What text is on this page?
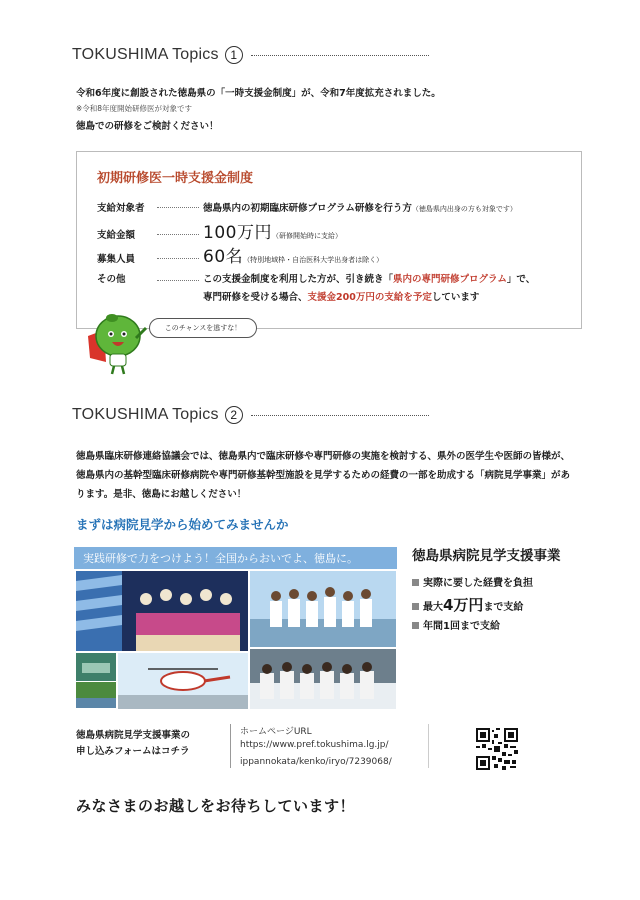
TOKUSHIMA Topics 1
令和6年度に創設された徳島県の「一時支援金制度」が、令和7年度拡充されました。
※令和8年度開始研修医が対象です
徳島での研修をご検討ください！
初期研修医一時支援金制度
支給対象者	徳島県内の初期臨床研修プログラム研修を行う方（徳島県内出身の方も対象です）
支給金額	100万円（研修開始時に支給）
募集人員	60名（特別地域枠・自治医科大学出身者は除く）
その他	この支援金制度を利用した方が、引き続き「県内の専門研修プログラム」で、
専門研修を受ける場合、支援金200万円の支給を予定しています
このチャンスを逃すな！
TOKUSHIMA Topics 2
徳島県臨床研修連絡協議会では、徳島県内で臨床研修や専門研修の実施を検討する、県外の医学生や医師の皆様が、徳島県内の基幹型臨床研修病院や専門研修基幹型施設を見学するための経費の一部を助成する「病院見学事業」があります。是非、徳島にお越しください！
まずは病院見学から始めてみませんか
実践研修で力をつけよう！全国からおいでよ、徳島に。	徳島県病院見学支援事業
実際に要した経費を負担
最大 4万円 まで支給
年間1回まで支給
徳島県病院見学支援事業の
申し込みフォームはコチラ
ホームページURL
https://www.pref.tokushima.lg.jp/
ippannokata/kenko/iryo/7239068/
みなさまのお越しをお待ちしています！
